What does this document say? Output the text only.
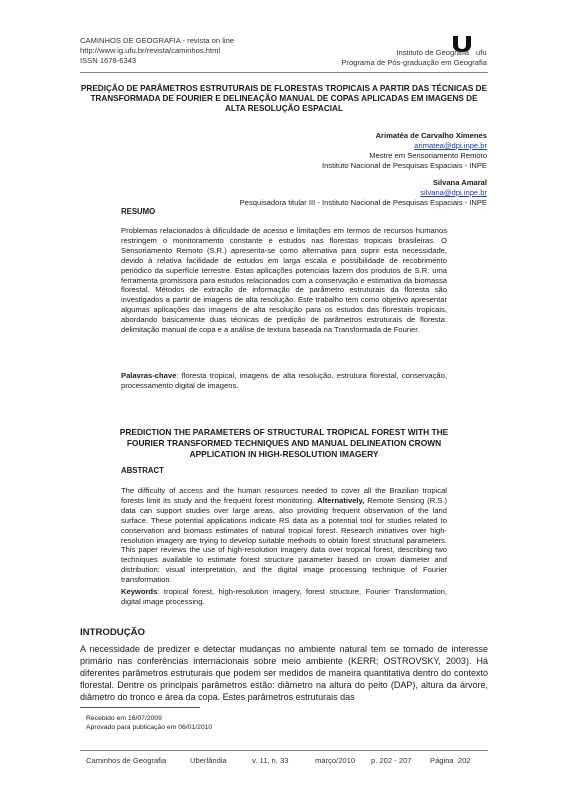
CAMINHOS DE GEOGRAFIA - revista on line
http://www.ig.ufu.br/revista/caminhos.html
ISSN 1678-6343
ufu
Instituto de Geografia
Programa de Pós-graduação em Geografia
PREDIÇÃO DE PARÂMETROS ESTRUTURAIS DE FLORESTAS TROPICAIS A PARTIR DAS TÉCNICAS DE TRANSFORMADA DE FOURIER E DELINEAÇÃO MANUAL DE COPAS APLICADAS EM IMAGENS DE ALTA RESOLUÇÃO ESPACIAL
Arimatéa de Carvalho Ximenes
arimatea@dpi.inpe.br
Mestre em Sensoriamento Remoto
Instituto Nacional de Pesquisas Espaciais - INPE
Silvana Amaral
silvana@dpi.inpe.br
Pesquisadora titular III - Instituto Nacional de Pesquisas Espaciais - INPE
RESUMO
Problemas relacionados à dificuldade de acesso e limitações em termos de recursos humanos restringem o monitoramento constante e estudos nas florestas tropicais brasileiras. O Sensoriamento Remoto (S.R.) apresenta-se como alternativa para suprir esta necessidade, devido à relativa facilidade de estudos em larga escala e possibilidade de recobrimento periódico da superfície terrestre. Estas aplicações potenciais fazem dos produtos de S.R. uma ferramenta promissora para estudos relacionados com a conservação e estimativa da biomassa florestal. Métodos de extração de informação de parâmetro estruturais da floresta são investigados a partir de imagens de alta resolução. Este trabalho tem como objetivo apresentar algumas aplicações das imagens de alta resolução para os estudos das florestais tropicais, abordando basicamente duas técnicas de predição de parâmetros estruturais de floresta: delimitação manual de copa e a análise de textura baseada na Transformada de Fourier.
Palavras-chave: floresta tropical, imagens de alta resolução, estrutura florestal, conservação, processamento digital de imagens.
PREDICTION THE PARAMETERS OF STRUCTURAL TROPICAL FOREST WITH THE FOURIER TRANSFORMED TECHNIQUES AND MANUAL DELINEATION CROWN APPLICATION IN HIGH-RESOLUTION IMAGERY
ABSTRACT
The difficulty of access and the human resources needed to cover all the Brazilian tropical forests limit its study and the frequent forest monitoring. Alternatively, Remote Sensing (R.S.) data can support studies over large areas, also providing frequent observation of the land surface. These potential applications indicate RS data as a potential tool for studies related to conservation and biomass estimates of natural tropical forest. Research initiatives over high-resolution imagery are trying to develop suitable methods to obtain forest structural parameters. This paper reviews the use of high-resolution imagery data over tropical forest, describing two techniques available to estimate forest structure parameter based on crown diameter and distribution: visual interpretation, and the digital image processing technique of Fourier transformation.
Keywords: tropical forest, high-resolution imagery, forest structure, Fourier Transformation, digital image processing.
INTRODUÇÃO
A necessidade de predizer e detectar mudanças no ambiente natural tem se tornado de interesse primário nas conferências internacionais sobre meio ambiente (KERR; OSTROVSKY, 2003). Há diferentes parâmetros estruturais que podem ser medidos de maneira quantitativa dentro do contexto florestal. Dentre os principais parâmetros estão: diâmetro na altura do peito (DAP), altura da árvore, diâmetro do tronco e área da copa. Estes parâmetros estruturais das
Recebido em 16/07/2009
Aprovado para publicação em 06/01/2010
Caminhos de Geografia	Uberlândia	v. 11, n. 33	março/2010 p. 202 - 207 Página  202
